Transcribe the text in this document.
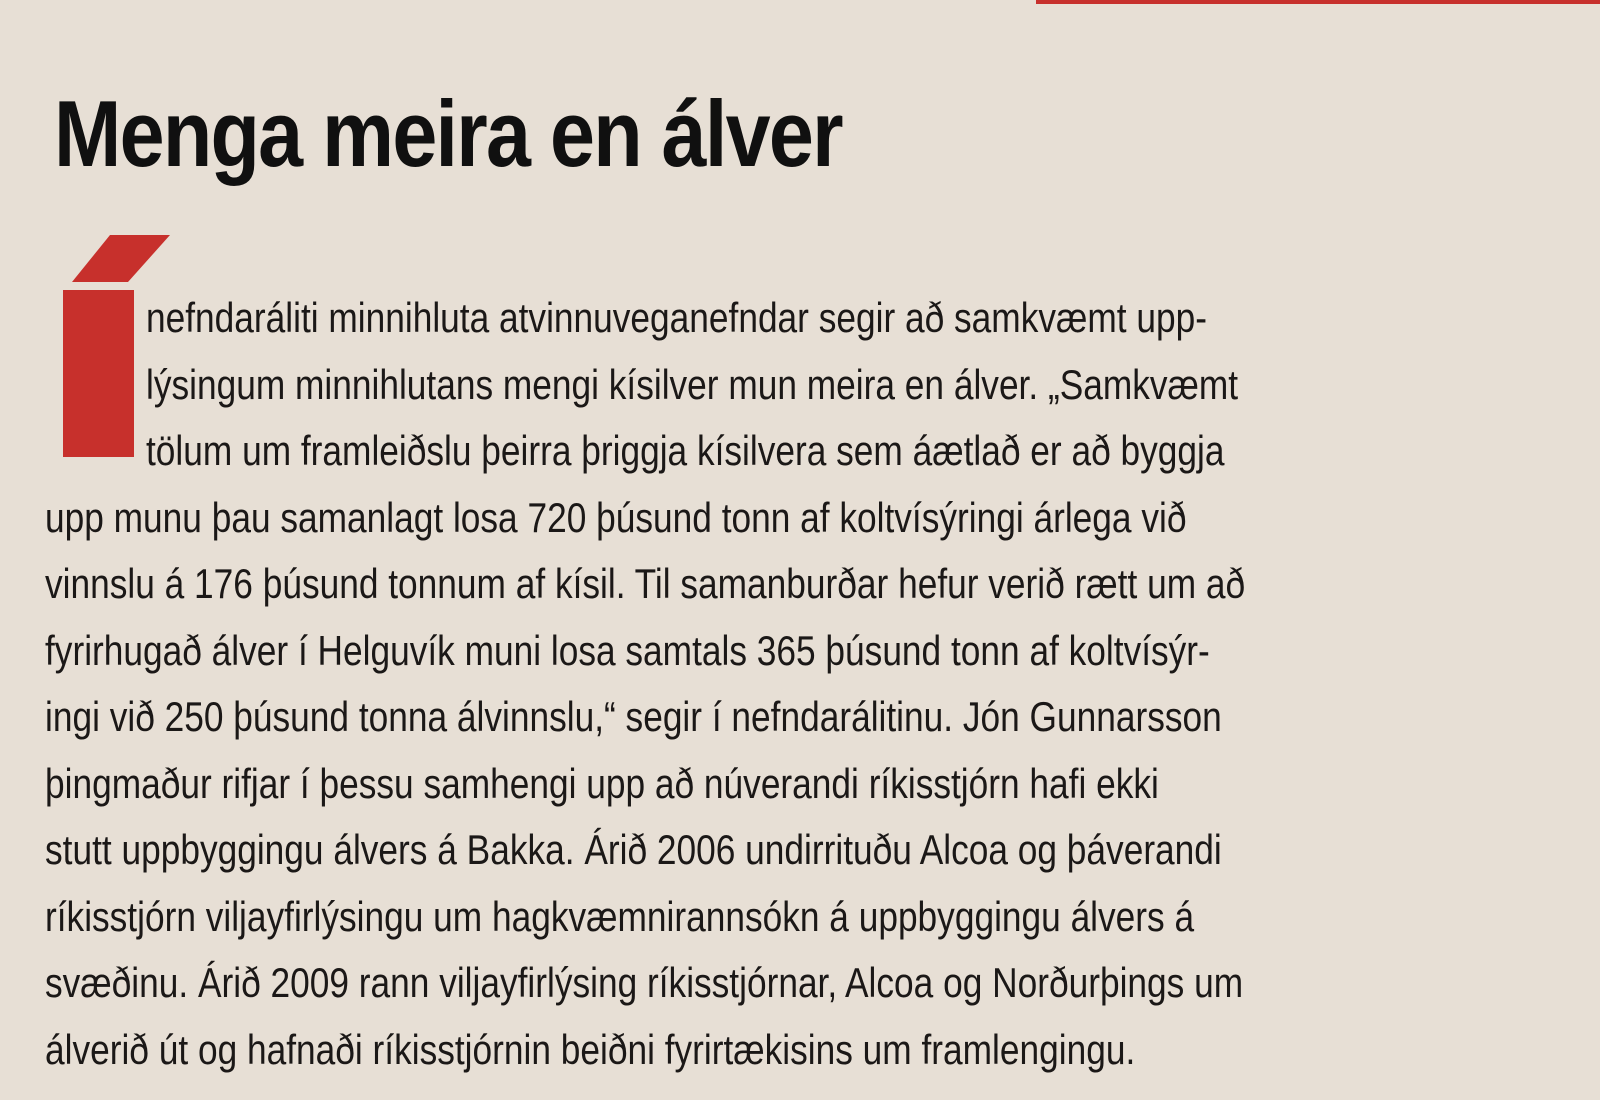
Menga meira en álver
nefndaráliti minnihluta atvinnuveganefndar segir að samkvæmt upp-
lýsingum minnihlutans mengi kísilver mun meira en álver. „Samkvæmt
tölum um framleiðslu þeirra þriggja kísilvera sem áætlað er að byggja
upp munu þau samanlagt losa 720 þúsund tonn af koltvísýringi árlega við
vinnslu á 176 þúsund tonnum af kísil. Til samanburðar hefur verið rætt um að
fyrirhugað álver í Helguvík muni losa samtals 365 þúsund tonn af koltvísýr-
ingi við 250 þúsund tonna álvinnslu,“ segir í nefndarálitinu. Jón Gunnarsson
þingmaður rifjar í þessu samhengi upp að núverandi ríkisstjórn hafi ekki
stutt uppbyggingu álvers á Bakka. Árið 2006 undirrituðu Alcoa og þáverandi
ríkisstjórn viljayfirlýsingu um hagkvæmnirannsókn á uppbyggingu álvers á
svæðinu. Árið 2009 rann viljayfirlýsing ríkisstjórnar, Alcoa og Norðurþings um
álverið út og hafnaði ríkisstjórnin beiðni fyrirtækisins um framlengingu.
